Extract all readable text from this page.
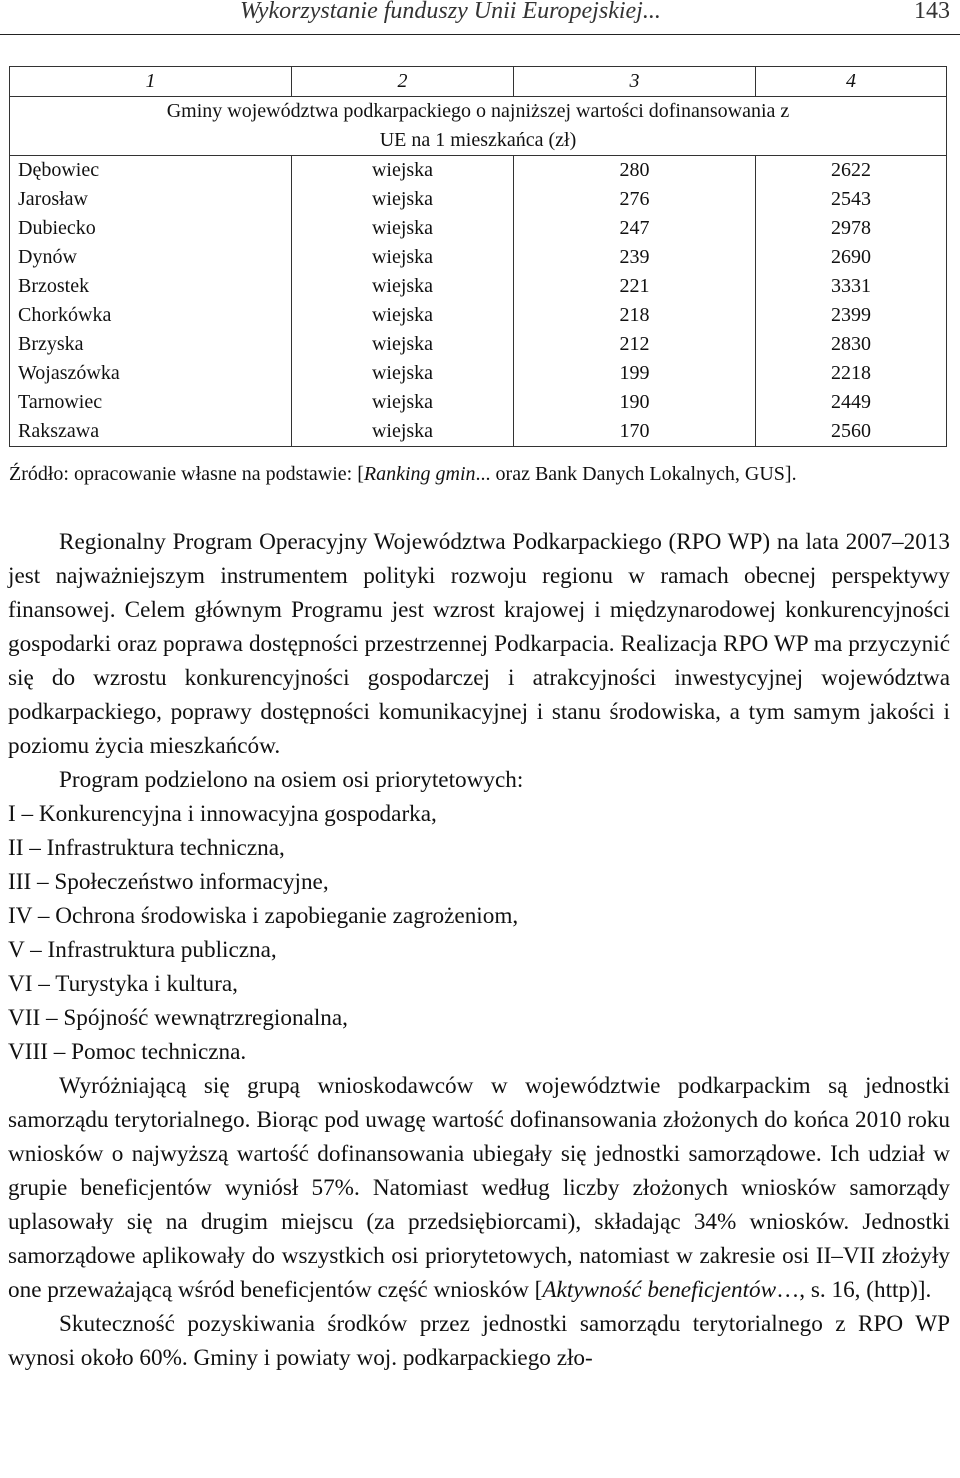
Wykorzystanie funduszy Unii Europejskiej...	143
1	2	3	4

Gminy województwa podkarpackiego o najniższej wartości dofinansowania z UE na 1 mieszkańca (zł)			

Dębowiec	wiejska	280	2622
Jarosław	wiejska	276	2543
Dubiecko	wiejska	247	2978
Dynów	wiejska	239	2690
Brzostek	wiejska	221	3331
Chorkówka	wiejska	218	2399
Brzyska	wiejska	212	2830
Wojaszówka	wiejska	199	2218
Tarnowiec	wiejska	190	2449
Rakszawa	wiejska	170	2560
Źródło: opracowanie własne na podstawie: [Ranking gmin... oraz Bank Danych Lokalnych, GUS].

Regionalny Program Operacyjny Województwa Podkarpackiego (RPO WP) na lata 2007–2013 jest najważniejszym instrumentem polityki rozwoju regionu w ramach obecnej perspektywy finansowej. Celem głównym Programu jest wzrost krajowej i międzynarodowej konkurencyjności gospodarki oraz poprawa dostępności przestrzennej Podkarpacia. Realizacja RPO WP ma przyczynić się do wzrostu konkurencyjności gospodarczej i atrakcyjności inwestycyjnej województwa podkarpackiego, poprawy dostępności komunikacyjnej i stanu środowiska, a tym samym jakości i poziomu życia mieszkańców.

Program podzielono na osiem osi priorytetowych:

I – Konkurencyjna i innowacyjna gospodarka,
II – Infrastruktura techniczna,
III – Społeczeństwo informacyjne,
IV – Ochrona środowiska i zapobieganie zagrożeniom,
V – Infrastruktura publiczna,
VI – Turystyka i kultura,
VII – Spójność wewnątrzregionalna,
VIII – Pomoc techniczna.

Wyróżniającą się grupą wnioskodawców w województwie podkarpackim są jednostki samorządu terytorialnego. Biorąc pod uwagę wartość dofinansowania złożonych do końca 2010 roku wniosków o najwyższą wartość dofinansowania ubiegały się jednostki samorządowe. Ich udział w grupie beneficjentów wyniósł 57%. Natomiast według liczby złożonych wniosków samorządy uplasowały się na drugim miejscu (za przedsiębiorcami), składając 34% wniosków. Jednostki samorządowe aplikowały do wszystkich osi priorytetowych, natomiast w zakresie osi II–VII złożyły one przeważającą wśród beneficjentów część wniosków [Aktywność beneficjentów…, s. 16, (http)].

Skuteczność pozyskiwania środków przez jednostki samorządu terytorialnego z RPO WP wynosi około 60%. Gminy i powiaty woj. podkarpackiego zło-
